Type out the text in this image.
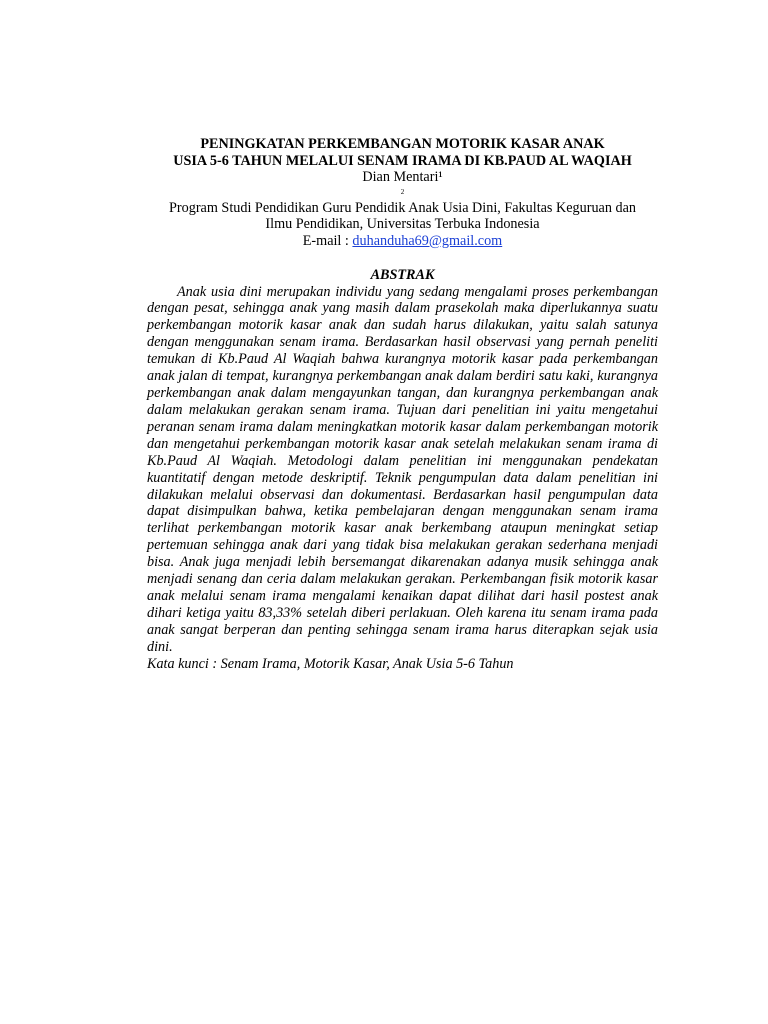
PENINGKATAN PERKEMBANGAN MOTORIK KASAR ANAK

USIA 5-6 TAHUN MELALUI SENAM IRAMA DI KB.PAUD AL WAQIAH

Dian Mentari¹

2

Program Studi Pendidikan Guru Pendidik Anak Usia Dini, Fakultas Keguruan dan

Ilmu Pendidikan, Universitas Terbuka Indonesia

E-mail : duhanduha69@gmail.com

ABSTRAK

Anak usia dini merupakan individu yang sedang mengalami proses perkembangan dengan pesat, sehingga anak yang masih dalam prasekolah maka diperlukannya suatu perkembangan motorik kasar anak dan sudah harus dilakukan, yaitu salah satunya dengan menggunakan senam irama. Berdasarkan hasil observasi yang pernah peneliti temukan di Kb.Paud Al Waqiah bahwa kurangnya motorik kasar pada perkembangan anak jalan di tempat, kurangnya perkembangan anak dalam berdiri satu kaki, kurangnya perkembangan anak dalam mengayunkan tangan, dan kurangnya perkembangan anak dalam melakukan gerakan senam irama. Tujuan dari penelitian ini yaitu mengetahui peranan senam irama dalam meningkatkan motorik kasar dalam perkembangan motorik dan mengetahui perkembangan motorik kasar anak setelah melakukan senam irama di Kb.Paud Al Waqiah. Metodologi dalam penelitian ini menggunakan pendekatan kuantitatif dengan metode deskriptif. Teknik pengumpulan data dalam penelitian ini dilakukan melalui observasi dan dokumentasi. Berdasarkan hasil pengumpulan data dapat disimpulkan bahwa, ketika pembelajaran dengan menggunakan senam irama terlihat perkembangan motorik kasar anak berkembang ataupun meningkat setiap pertemuan sehingga anak dari yang tidak bisa melakukan gerakan sederhana menjadi bisa. Anak juga menjadi lebih bersemangat dikarenakan adanya musik sehingga anak menjadi senang dan ceria dalam melakukan gerakan. Perkembangan fisik motorik kasar anak melalui senam irama mengalami kenaikan dapat dilihat dari hasil postest anak dihari ketiga yaitu 83,33% setelah diberi perlakuan. Oleh karena itu senam irama pada anak sangat berperan dan penting sehingga senam irama harus diterapkan sejak usia dini.

Kata kunci : Senam Irama, Motorik Kasar, Anak Usia 5-6 Tahun
